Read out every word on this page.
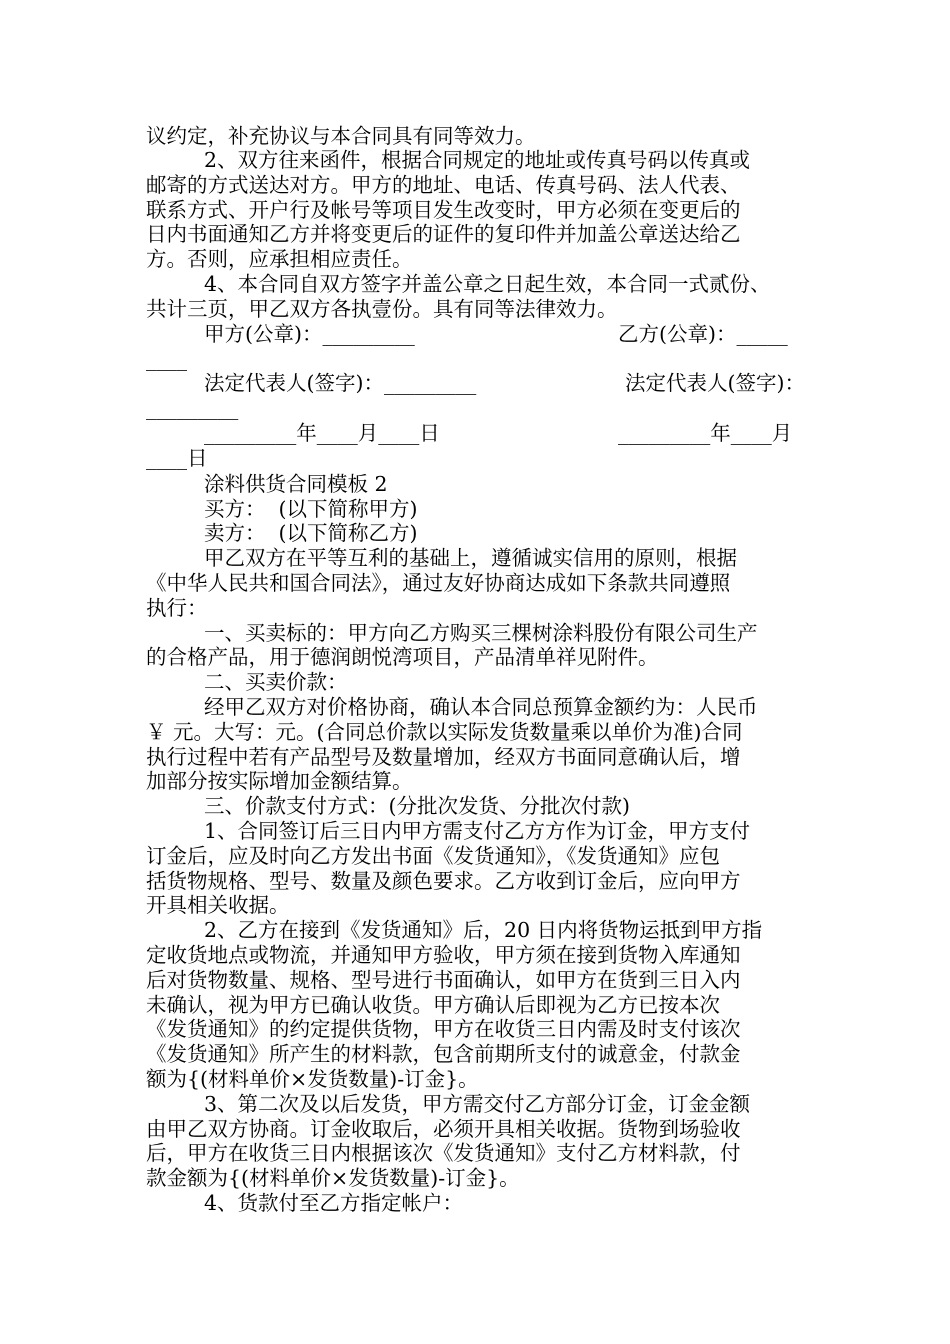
议约定，补充协议与本合同具有同等效力。
2、双方往来函件，根据合同规定的地址或传真号码以传真或
邮寄的方式送达对方。甲方的地址、电话、传真号码、法人代表、
联系方式、开户行及帐号等项目发生改变时，甲方必须在变更后的
日内书面通知乙方并将变更后的证件的复印件并加盖公章送达给乙
方。否则，应承担相应责任。
4、本合同自双方签字并盖公章之日起生效，本合同一式贰份、
共计三页，甲乙双方各执壹份。具有同等法律效力。
甲方(公章)：_________	乙方(公章)：_____
____
法定代表人(签字)：_________	法定代表人(签字)：
_________
_________年____月____日	_________年____月
____日
涂料供货合同模板 2
买方：  (以下简称甲方)
卖方：  (以下简称乙方)
甲乙双方在平等互利的基础上，遵循诚实信用的原则，根据
《中华人民共和国合同法》，通过友好协商达成如下条款共同遵照
执行：
一、买卖标的：甲方向乙方购买三棵树涂料股份有限公司生产
的合格产品，用于德润朗悦湾项目，产品清单祥见附件。
二、买卖价款：
经甲乙双方对价格协商，确认本合同总预算金额约为：人民币
￥ 元。大写：元。(合同总价款以实际发货数量乘以单价为准)合同
执行过程中若有产品型号及数量增加，经双方书面同意确认后，增
加部分按实际增加金额结算。
三、价款支付方式：(分批次发货、分批次付款)
1、合同签订后三日内甲方需支付乙方方作为订金，甲方支付
订金后，应及时向乙方发出书面《发货通知》，《发货通知》应包
括货物规格、型号、数量及颜色要求。乙方收到订金后，应向甲方
开具相关收据。
2、乙方在接到《发货通知》后，20 日内将货物运抵到甲方指
定收货地点或物流，并通知甲方验收，甲方须在接到货物入库通知
后对货物数量、规格、型号进行书面确认，如甲方在货到三日入内
未确认，视为甲方已确认收货。甲方确认后即视为乙方已按本次
《发货通知》的约定提供货物，甲方在收货三日内需及时支付该次
《发货通知》所产生的材料款，包含前期所支付的诚意金，付款金
额为{(材料单价×发货数量)-订金}。
3、第二次及以后发货，甲方需交付乙方部分订金，订金金额
由甲乙双方协商。订金收取后，必须开具相关收据。货物到场验收
后，甲方在收货三日内根据该次《发货通知》支付乙方材料款，付
款金额为{(材料单价×发货数量)-订金}。
4、货款付至乙方指定帐户：
